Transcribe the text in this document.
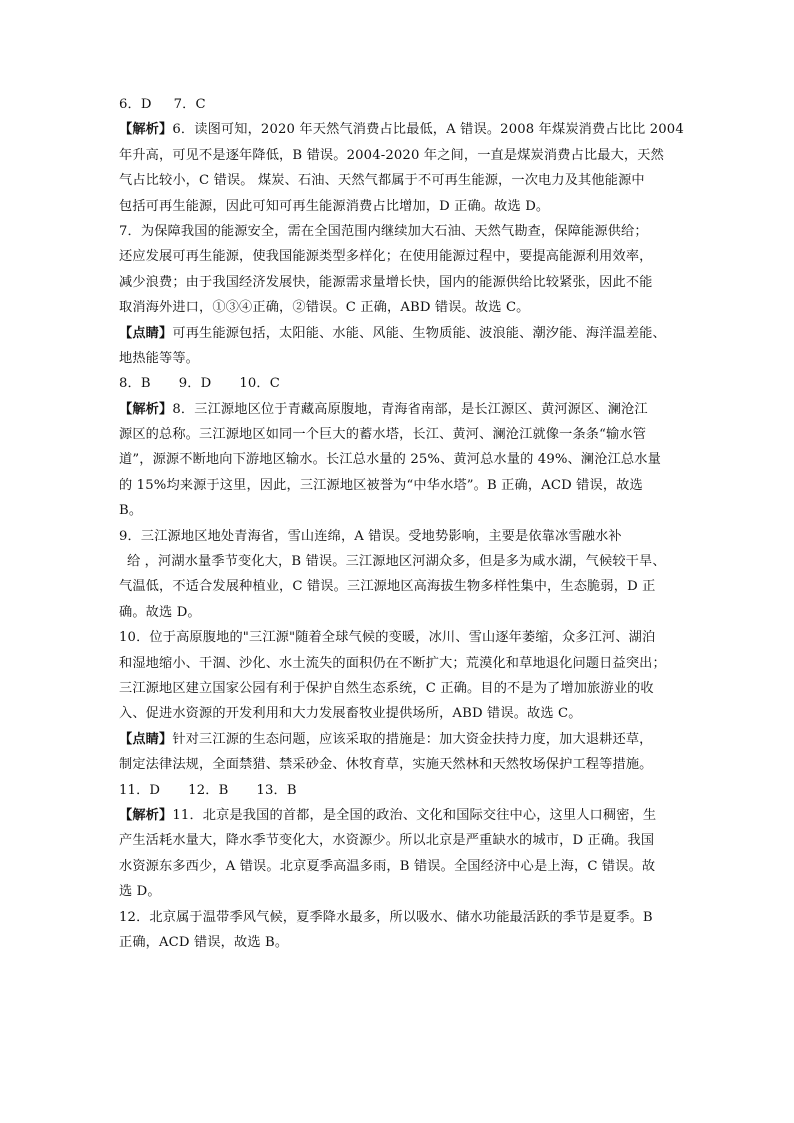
6．D 7．C
【解析】6．读图可知，2020 年天然气消费占比最低，A 错误。2008 年煤炭消费占比比 2004
年升高，可见不是逐年降低，B 错误。2004-2020 年之间，一直是煤炭消费占比最大，天然
气占比较小，C 错误。 煤炭、石油、天然气都属于不可再生能源，一次电力及其他能源中
包括可再生能源，因此可知可再生能源消费占比增加，D 正确。故选 D。
7．为保障我国的能源安全，需在全国范围内继续加大石油、天然气勘查，保障能源供给；
还应发展可再生能源，使我国能源类型多样化；在使用能源过程中，要提高能源利用效率，
减少浪费；由于我国经济发展快，能源需求量增长快，国内的能源供给比较紧张，因此不能
取消海外进口，①③④正确，②错误。C 正确，ABD 错误。故选 C。
【点睛】可再生能源包括，太阳能、水能、风能、生物质能、波浪能、潮汐能、海洋温差能、
地热能等等。
8．B 9．D 10．C
【解析】8．三江源地区位于青藏高原腹地，青海省南部，是长江源区、黄河源区、澜沧江
源区的总称。三江源地区如同一个巨大的蓄水塔，长江、黄河、澜沧江就像一条条“输水管
道”，源源不断地向下游地区输水。长江总水量的 25%、黄河总水量的 49%、澜沧江总水量
的 15%均来源于这里，因此，三江源地区被誉为“中华水塔”。B 正确，ACD 错误，故选
B。
9．三江源地区地处青海省，雪山连绵，A 错误。受地势影响，主要是依靠冰雪融水补
给 ，河湖水量季节变化大，B 错误。三江源地区河湖众多，但是多为咸水湖，气候较干旱、
气温低，不适合发展种植业，C 错误。三江源地区高海拔生物多样性集中，生态脆弱，D 正
确。故选 D。
10．位于高原腹地的"三江源"随着全球气候的变暖，冰川、雪山逐年萎缩，众多江河、湖泊
和湿地缩小、干涸、沙化、水土流失的面积仍在不断扩大；荒漠化和草地退化问题日益突出；
三江源地区建立国家公园有利于保护自然生态系统，C 正确。目的不是为了增加旅游业的收
入、促进水资源的开发利用和大力发展畜牧业提供场所，ABD 错误。故选 C。
【点睛】针对三江源的生态问题，应该采取的措施是：加大资金扶持力度，加大退耕还草，
制定法律法规，全面禁猎、禁采砂金、休牧育草，实施天然林和天然牧场保护工程等措施。
11．D 12．B 13．B
【解析】11．北京是我国的首都，是全国的政治、文化和国际交往中心，这里人口稠密，生
产生活耗水量大，降水季节变化大，水资源少。所以北京是严重缺水的城市，D 正确。我国
水资源东多西少，A 错误。北京夏季高温多雨，B 错误。全国经济中心是上海，C 错误。故
选 D。
12．北京属于温带季风气候，夏季降水最多，所以吸水、储水功能最活跃的季节是夏季。B
正确，ACD 错误，故选 B。
